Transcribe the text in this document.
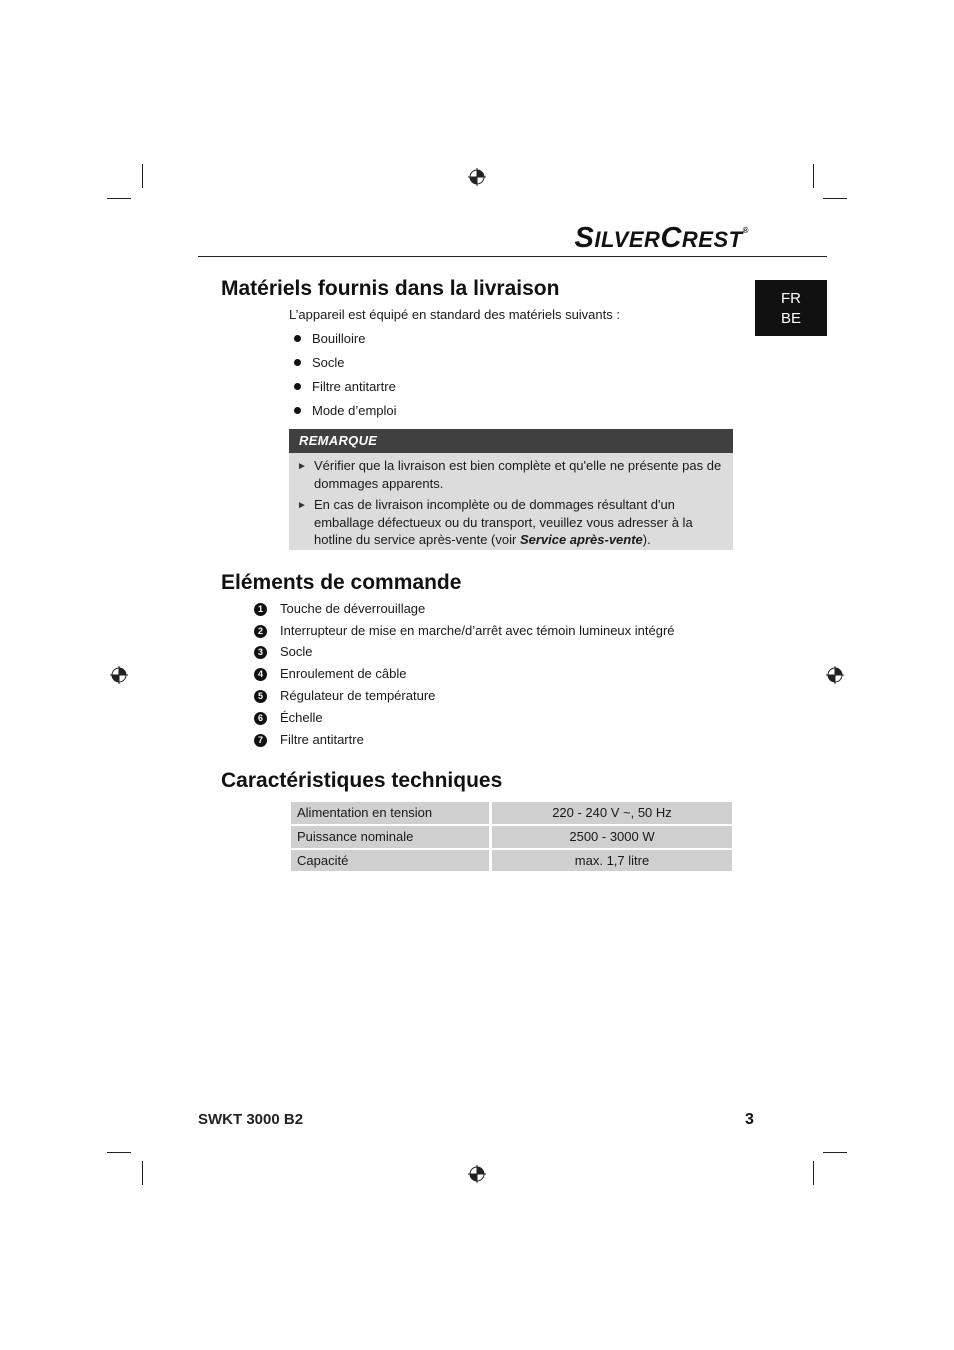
SILVERCREST®
FR
BE
Matériels fournis dans la livraison
L’appareil est équipé en standard des matériels suivants :
Bouilloire
Socle
Filtre antitartre
Mode d’emploi
REMARQUE
► Vérifier que la livraison est bien complète et qu'elle ne présente pas de dommages apparents.
► En cas de livraison incomplète ou de dommages résultant d'un emballage défectueux ou du transport, veuillez vous adresser à la hotline du service après-vente (voir Service après-vente).
Eléments de commande
1	Touche de déverrouillage
2	Interrupteur de mise en marche/d’arrêt avec témoin lumineux intégré
3	Socle
4	Enroulement de câble
5	Régulateur de température
6	Échelle
7	Filtre antitartre
Caractéristiques techniques
Alimentation en tension	220 - 240 V ~, 50 Hz
Puissance nominale	2500 - 3000 W
Capacité	max. 1,7 litre
SWKT 3000 B2	3
